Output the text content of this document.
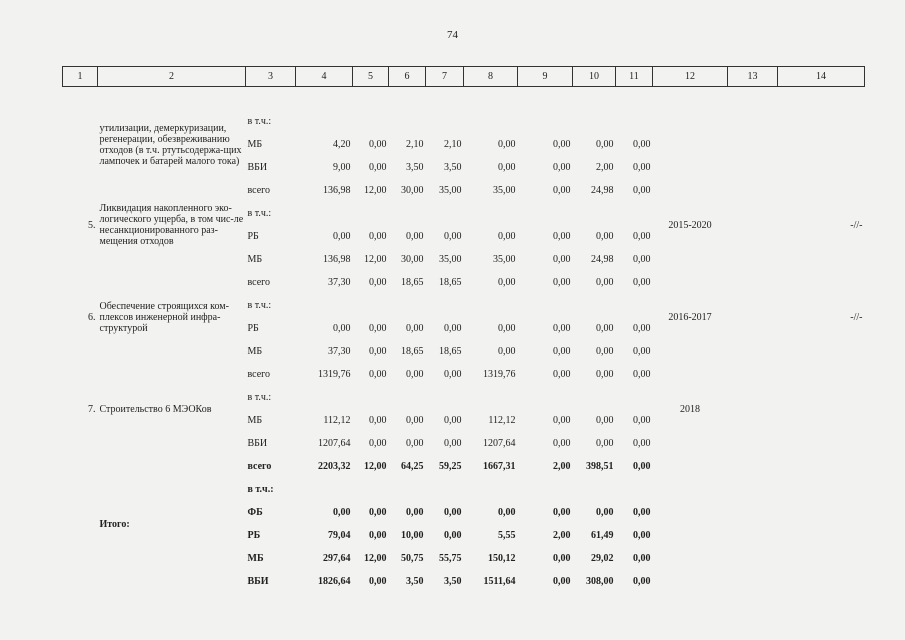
74
1	2	3	4	5	6	7	8	9	10	11	12	13	14

	утилизации, демеркуризации, регенерации, обезвреживанию отходов (в т.ч. ртутьсодержа-щих лампочек и батарей малого тока)	в т.ч.:											
		МБ	4,20	0,00	2,10	2,10	0,00	0,00	0,00	0,00			
		ВБИ	9,00	0,00	3,50	3,50	0,00	0,00	2,00	0,00			
5.	Ликвидация накопленного эко-логического ущерба, в том чис-ле несанкционированного раз-мещения отходов	всего	136,98	12,00	30,00	35,00	35,00	0,00	24,98	0,00	2015-2020		-//-
		в т.ч.:											
		РБ	0,00	0,00	0,00	0,00	0,00	0,00	0,00	0,00			
		МБ	136,98	12,00	30,00	35,00	35,00	0,00	24,98	0,00			
6.	Обеспечение строящихся ком-плексов инженерной инфра-структурой	всего	37,30	0,00	18,65	18,65	0,00	0,00	0,00	0,00	2016-2017		-//-
		в т.ч.:											
		РБ	0,00	0,00	0,00	0,00	0,00	0,00	0,00	0,00			
		МБ	37,30	0,00	18,65	18,65	0,00	0,00	0,00	0,00			
7.	Строительство 6 МЭОКов	всего	1319,76	0,00	0,00	0,00	1319,76	0,00	0,00	0,00	2018		
		в т.ч.:											
		МБ	112,12	0,00	0,00	0,00	112,12	0,00	0,00	0,00			
		ВБИ	1207,64	0,00	0,00	0,00	1207,64	0,00	0,00	0,00			
	Итого:	всего	2203,32	12,00	64,25	59,25	1667,31	2,00	398,51	0,00			
		в т.ч.:											
		ФБ	0,00	0,00	0,00	0,00	0,00	0,00	0,00	0,00			
		РБ	79,04	0,00	10,00	0,00	5,55	2,00	61,49	0,00			
		МБ	297,64	12,00	50,75	55,75	150,12	0,00	29,02	0,00			
		ВБИ	1826,64	0,00	3,50	3,50	1511,64	0,00	308,00	0,00			
